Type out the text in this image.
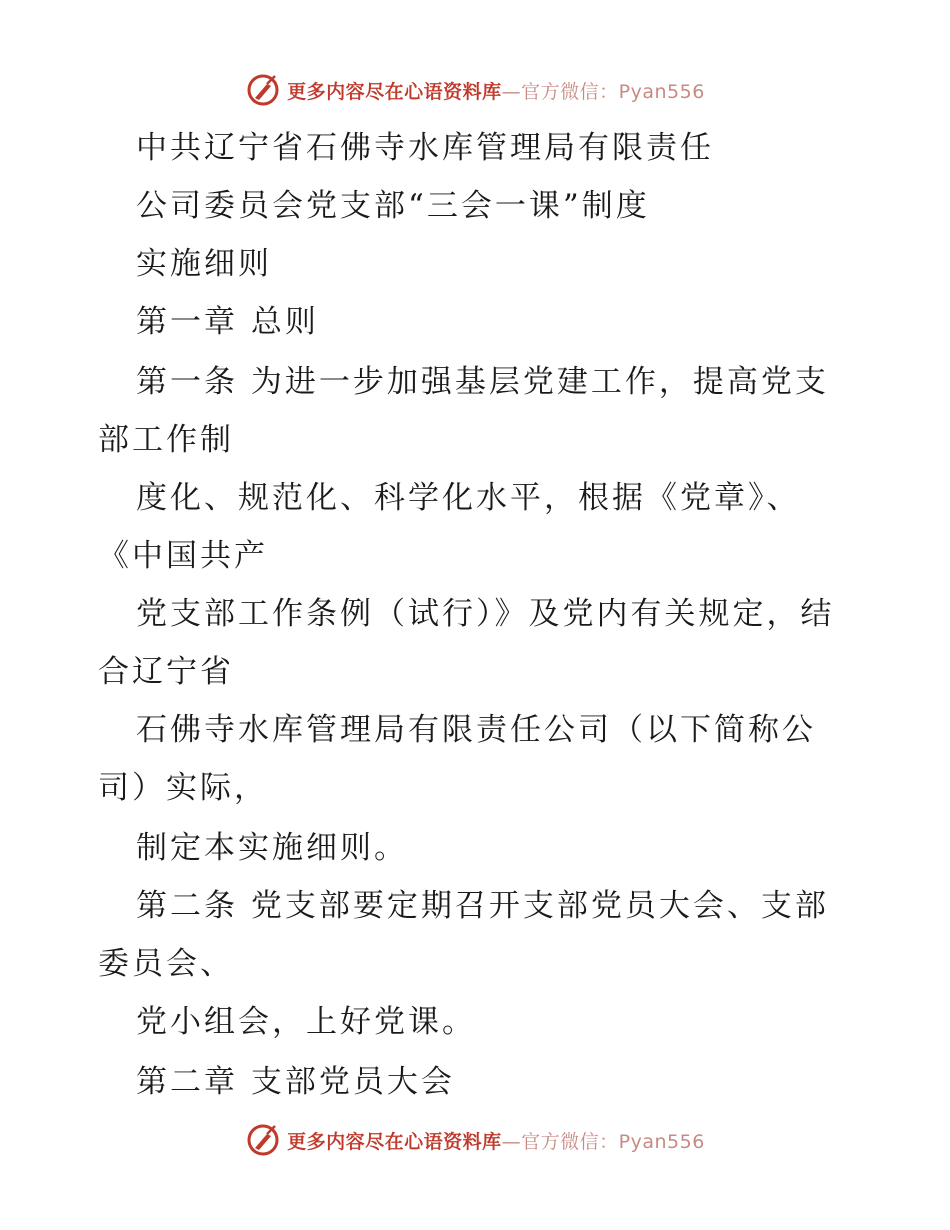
更多内容尽在心语资料库—官方微信：Pyan556
中共辽宁省石佛寺水库管理局有限责任
公司委员会党支部“三会一课”制度
实施细则
第一章 总则
第一条 为进一步加强基层党建工作，提高党支
部工作制
度化、规范化、科学化水平，根据《党章》、
《中国共产
党支部工作条例（试行）》及党内有关规定，结
合辽宁省
石佛寺水库管理局有限责任公司（以下简称公
司）实际，
制定本实施细则。
第二条 党支部要定期召开支部党员大会、支部
委员会、
党小组会，上好党课。
第二章 支部党员大会
更多内容尽在心语资料库—官方微信：Pyan556
